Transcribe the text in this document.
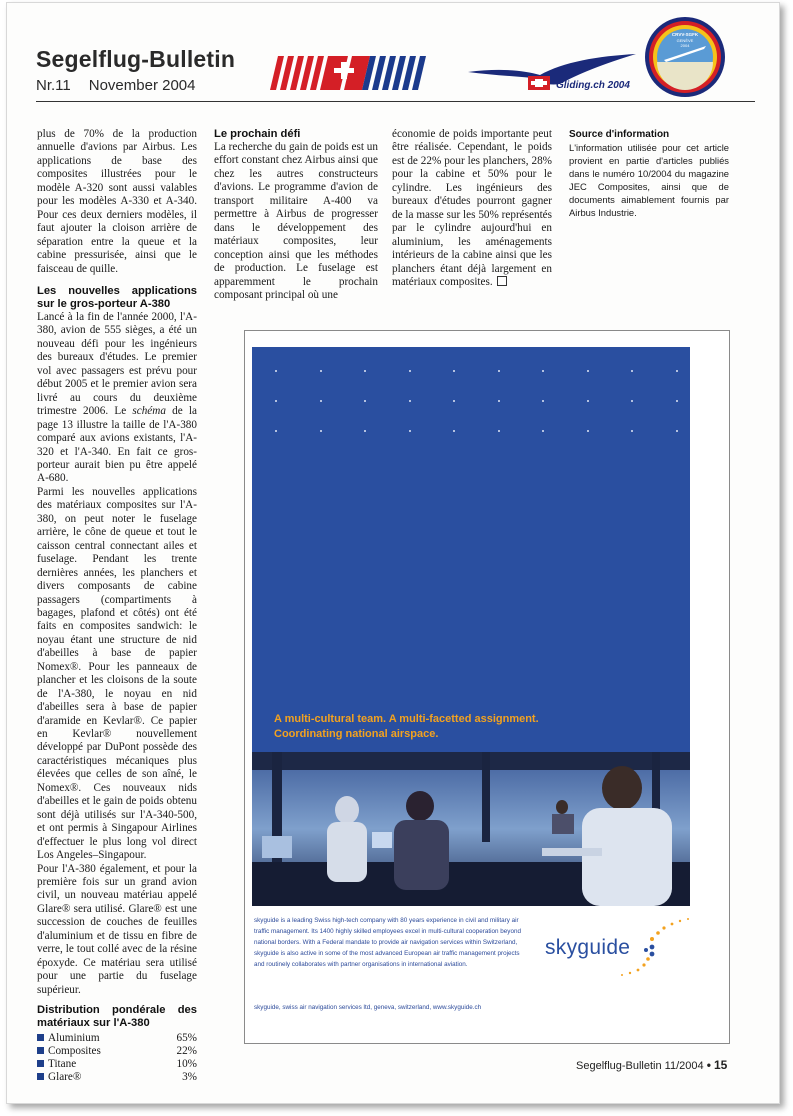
Segelflug-Bulletin
Nr.11 November 2004	Gliding.ch 2004
CRVV-SGFK
GENÈVE
2004

plus de 70% de la production annuelle d'avions par Airbus. Les applications de base des composites illustrées pour le modèle A-320 sont aussi valables pour les modèles A-330 et A-340. Pour ces deux derniers modèles, il faut ajouter la cloison arrière de séparation entre la queue et la cabine pressurisée, ainsi que le faisceau de quille.

Les nouvelles applications sur le gros-porteur A-380

Lancé à la fin de l'année 2000, l'A-380, avion de 555 sièges, a été un nouveau défi pour les ingénieurs des bureaux d'études. Le premier vol avec passagers est prévu pour début 2005 et le premier avion sera livré au cours du deuxième trimestre 2006. Le schéma de la page 13 illustre la taille de l'A-380 comparé aux avions existants, l'A-320 et l'A-340. En fait ce gros-porteur aurait bien pu être appelé A-680.

Parmi les nouvelles applications des matériaux composites sur l'A-380, on peut noter le fuselage arrière, le cône de queue et tout le caisson central connectant ailes et fuselage. Pendant les trente dernières années, les planchers et divers composants de cabine passagers (compartiments à bagages, plafond et côtés) ont été faits en composites sandwich: le noyau étant une structure de nid d'abeilles à base de papier Nomex®. Pour les panneaux de plancher et les cloisons de la soute de l'A-380, le noyau en nid d'abeilles sera à base de papier d'aramide en Kevlar®. Ce papier en Kevlar® nouvellement développé par DuPont possède des caractéristiques mécaniques plus élevées que celles de son aîné, le Nomex®. Ces nouveaux nids d'abeilles et le gain de poids obtenu sont déjà utilisés sur l'A-340-500, et ont permis à Singapour Airlines d'effectuer le plus long vol direct Los Angeles–Singapour.

Pour l'A-380 également, et pour la première fois sur un grand avion civil, un nouveau matériau appelé Glare® sera utilisé. Glare® est une succession de couches de feuilles d'aluminium et de tissu en fibre de verre, le tout collé avec de la résine époxyde. Ce matériau sera utilisé pour une partie du fuselage supérieur.

Distribution pondérale des matériaux sur l'A-380
Aluminium	65%
Composites	22%
Titane	10%
Glare®	3%
Le prochain défi

La recherche du gain de poids est un effort constant chez Airbus ainsi que chez les autres constructeurs d'avions. Le programme d'avion de transport militaire A-400 va permettre à Airbus de progresser dans le développement des matériaux composites, leur conception ainsi que les méthodes de production. Le fuselage est apparemment le prochain composant principal où une

économie de poids importante peut être réalisée. Cependant, le poids est de 22% pour les planchers, 28% pour la cabine et 50% pour le cylindre. Les ingénieurs des bureaux d'études pourront gagner de la masse sur les 50% représentés par le cylindre aujourd'hui en aluminium, les aménagements intérieurs de la cabine ainsi que les planchers étant déjà largement en matériaux composites.

Source d'information

L'information utilisée pour cet article provient en partie d'articles publiés dans le numéro 10/2004 du magazine JEC Composites, ainsi que de documents aimablement fournis par Airbus Industrie.

A multi-cultural team. A multi-facetted assignment.
Coordinating national airspace.
skyguide is a leading Swiss high-tech company with 80 years experience in civil and military air traffic management. Its 1400 highly skilled employees excel in multi-cultural cooperation beyond national borders. With a Federal mandate to provide air navigation services within Switzerland, skyguide is also active in some of the most advanced European air traffic management projects and routinely collaborates with partner organisations in international aviation.
skyguide
skyguide, swiss air navigation services ltd, geneva, switzerland, www.skyguide.ch
Segelflug-Bulletin 11/2004 • 15
